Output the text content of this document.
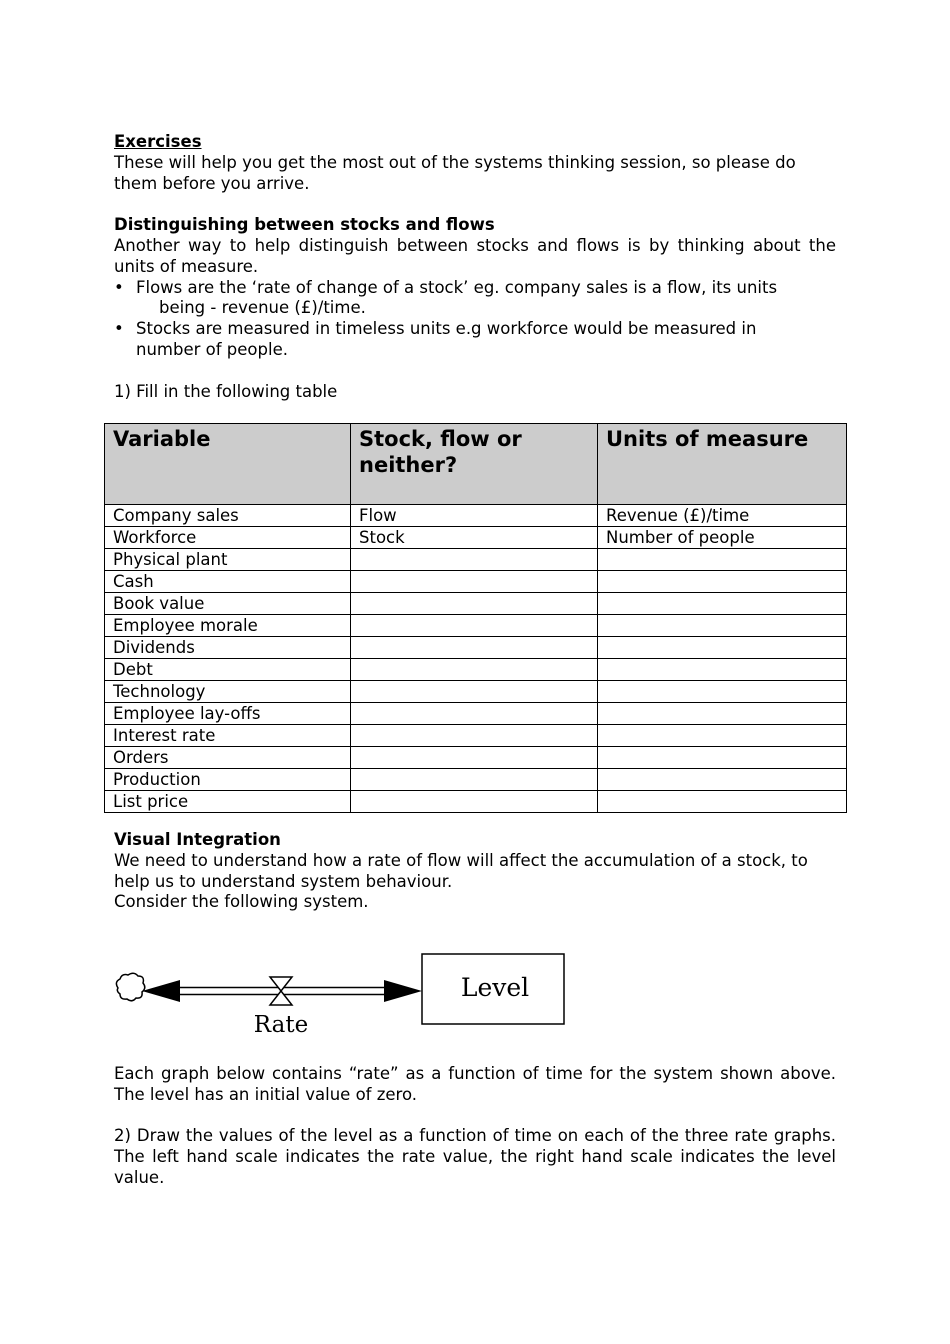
Exercises

These will help you get the most out of the systems thinking session, so please do them before you arrive.

Distinguishing between stocks and flows

Another way to help distinguish between stocks and flows is by thinking about the units of measure.

• Flows are the ‘rate of change of a stock’ eg. company sales is a flow, its units
being - revenue (£)/time.
• Stocks are measured in timeless units e.g workforce would be measured in
number of people.

1) Fill in the following table

Variable	Stock, flow or neither?	Units of measure
Company sales	Flow	Revenue (£)/time
Workforce	Stock	Number of people
Physical plant		
Cash		
Book value		
Employee morale		
Dividends		
Debt		
Technology		
Employee lay-offs		
Interest rate		
Orders		
Production		
List price		

Visual Integration

We need to understand how a rate of flow will affect the accumulation of a stock, to help us to understand system behaviour.

Consider the following system.

Level
Rate

Each graph below contains “rate” as a function of time for the system shown above. The level has an initial value of zero.

2) Draw the values of the level as a function of time on each of the three rate graphs. The left hand scale indicates the rate value, the right hand scale indicates the level value.
